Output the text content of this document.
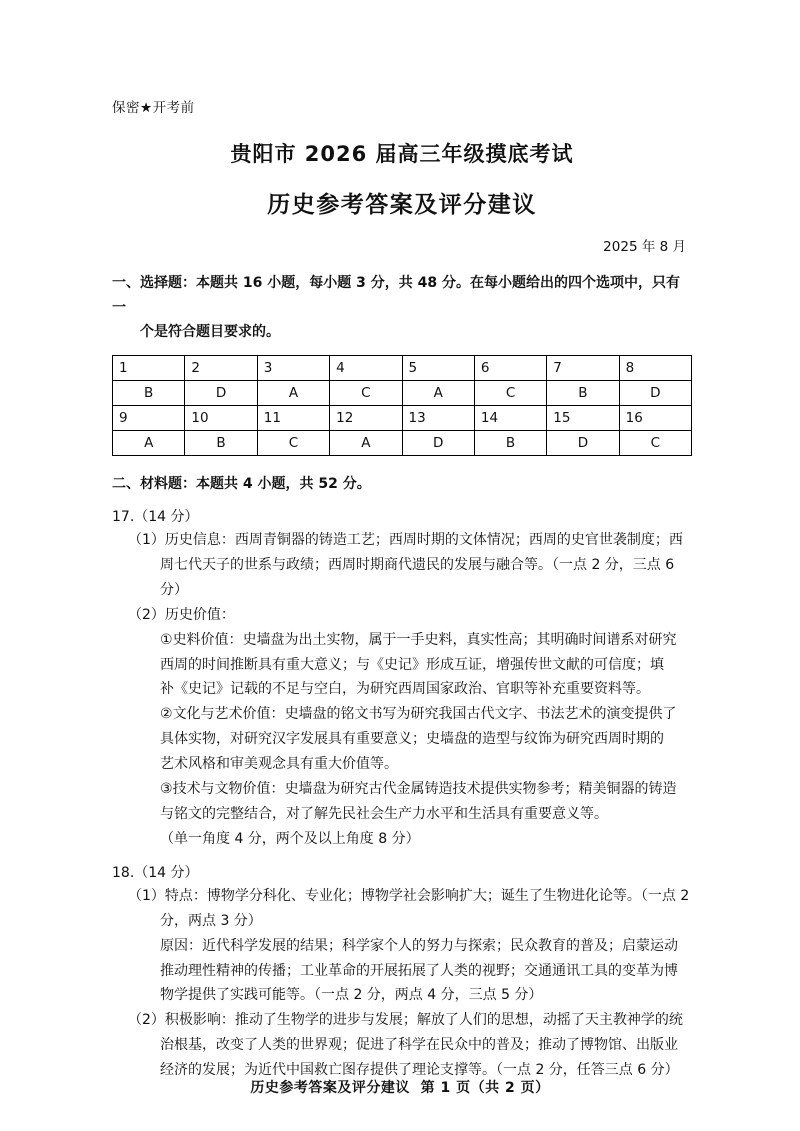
保密★开考前
贵阳市 2026 届高三年级摸底考试
历史参考答案及评分建议
2025 年 8 月
一、选择题：本题共 16 小题，每小题 3 分，共 48 分。在每小题给出的四个选项中，只有一
个是符合题目要求的。
1	2	3	4	5	6	7	8
B	D	A	C	A	C	B	D
9	10	11	12	13	14	15	16
A	B	C	A	D	B	D	C
二、材料题：本题共 4 小题，共 52 分。
17.（14 分）
（1）历史信息：西周青铜器的铸造工艺；西周时期的文体情况；西周的史官世袭制度；西
周七代天子的世系与政绩；西周时期商代遗民的发展与融合等。（一点 2 分，三点 6
分）
（2）历史价值：
①史料价值：史墙盘为出土实物，属于一手史料，真实性高；其明确时间谱系对研究
西周的时间推断具有重大意义；与《史记》形成互证，增强传世文献的可信度；填
补《史记》记载的不足与空白，为研究西周国家政治、官职等补充重要资料等。
②文化与艺术价值：史墙盘的铭文书写为研究我国古代文字、书法艺术的演变提供了
具体实物，对研究汉字发展具有重要意义；史墙盘的造型与纹饰为研究西周时期的
艺术风格和审美观念具有重大价值等。
③技术与文物价值：史墙盘为研究古代金属铸造技术提供实物参考；精美铜器的铸造
与铭文的完整结合，对了解先民社会生产力水平和生活具有重要意义等。
（单一角度 4 分，两个及以上角度 8 分）
18.（14 分）
（1）特点：博物学分科化、专业化；博物学社会影响扩大；诞生了生物进化论等。（一点 2
分，两点 3 分）
原因：近代科学发展的结果；科学家个人的努力与探索；民众教育的普及；启蒙运动
推动理性精神的传播；工业革命的开展拓展了人类的视野；交通通讯工具的变革为博
物学提供了实践可能等。（一点 2 分，两点 4 分，三点 5 分）
（2）积极影响：推动了生物学的进步与发展；解放了人们的思想，动摇了天主教神学的统
治根基，改变了人类的世界观；促进了科学在民众中的普及；推动了博物馆、出版业
经济的发展；为近代中国救亡图存提供了理论支撑等。（一点 2 分，任答三点 6 分）
历史参考答案及评分建议 第 1 页（共 2 页）
